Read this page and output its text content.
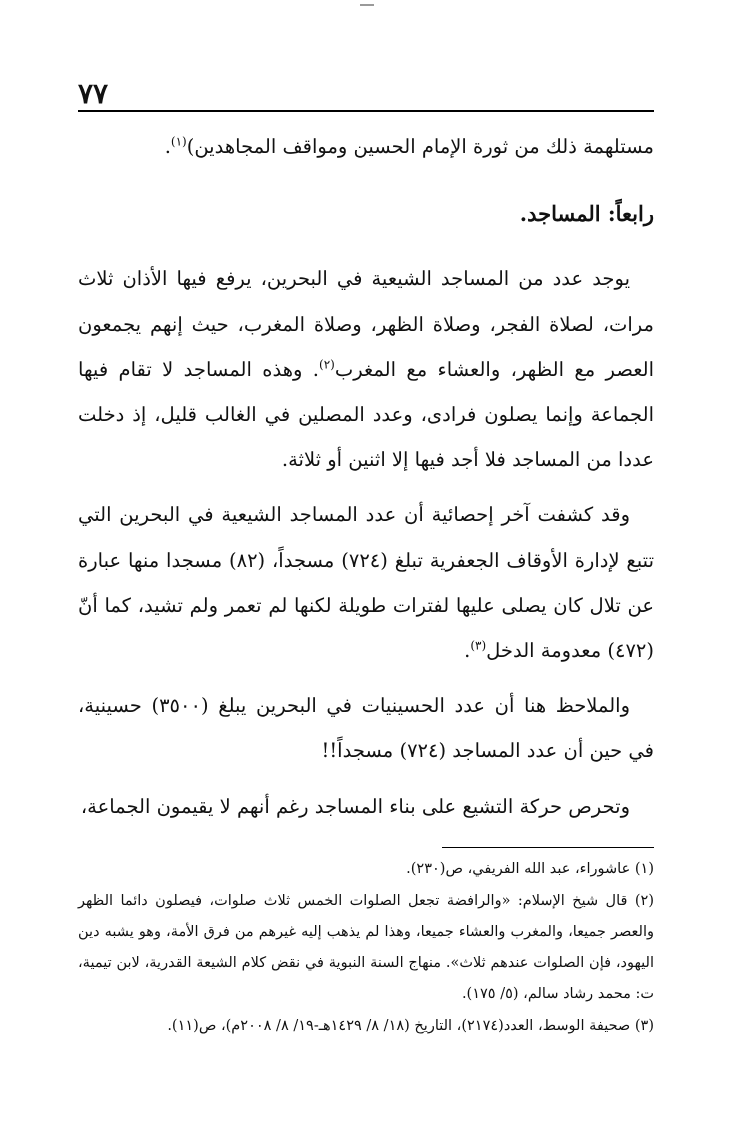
٧٧

مستلهمة ذلك من ثورة الإمام الحسين ومواقف المجاهدين)$^{(١)}$.

رابعاً: المساجد.

يوجد عدد من المساجد الشيعية في البحرين، يرفع فيها الأذان ثلاث مرات، لصلاة الفجر، وصلاة الظهر، وصلاة المغرب، حيث إنهم يجمعون العصر مع الظهر، والعشاء مع المغرب$^{(٢)}$. وهذه المساجد لا تقام فيها الجماعة وإنما يصلون فرادى، وعدد المصلين في الغالب قليل، إذ دخلت عددا من المساجد فلا أجد فيها إلا اثنين أو ثلاثة.

وقد كشفت آخر إحصائية أن عدد المساجد الشيعية في البحرين التي تتبع لإدارة الأوقاف الجعفرية تبلغ (٧٢٤) مسجداً، (٨٢) مسجدا منها عبارة عن تلال كان يصلى عليها لفترات طويلة لكنها لم تعمر ولم تشيد، كما أنّ (٤٧٢) معدومة الدخل$^{(٣)}$.

والملاحظ هنا أن عدد الحسينيات في البحرين يبلغ (٣٥٠٠) حسينية، في حين أن عدد المساجد (٧٢٤) مسجداً!!

وتحرص حركة التشيع على بناء المساجد رغم أنهم لا يقيمون الجماعة،

(١) عاشوراء، عبد الله الفريفي، ص(٢٣٠).

(٢) قال شيخ الإسلام: «والرافضة تجعل الصلوات الخمس ثلاث صلوات، فيصلون دائما الظهر والعصر جميعا، والمغرب والعشاء جميعا، وهذا لم يذهب إليه غيرهم من فرق الأمة، وهو يشبه دين اليهود، فإن الصلوات عندهم ثلاث». منهاج السنة النبوية في نقض كلام الشيعة القدرية، لابن تيمية، ت: محمد رشاد سالم، (٥/ ١٧٥).

(٣) صحيفة الوسط، العدد(٢١٧٤)، التاريخ (١٨/ ٨/ ١٤٢٩هـ-١٩/ ٨/ ٢٠٠٨م)، ص(١١).
